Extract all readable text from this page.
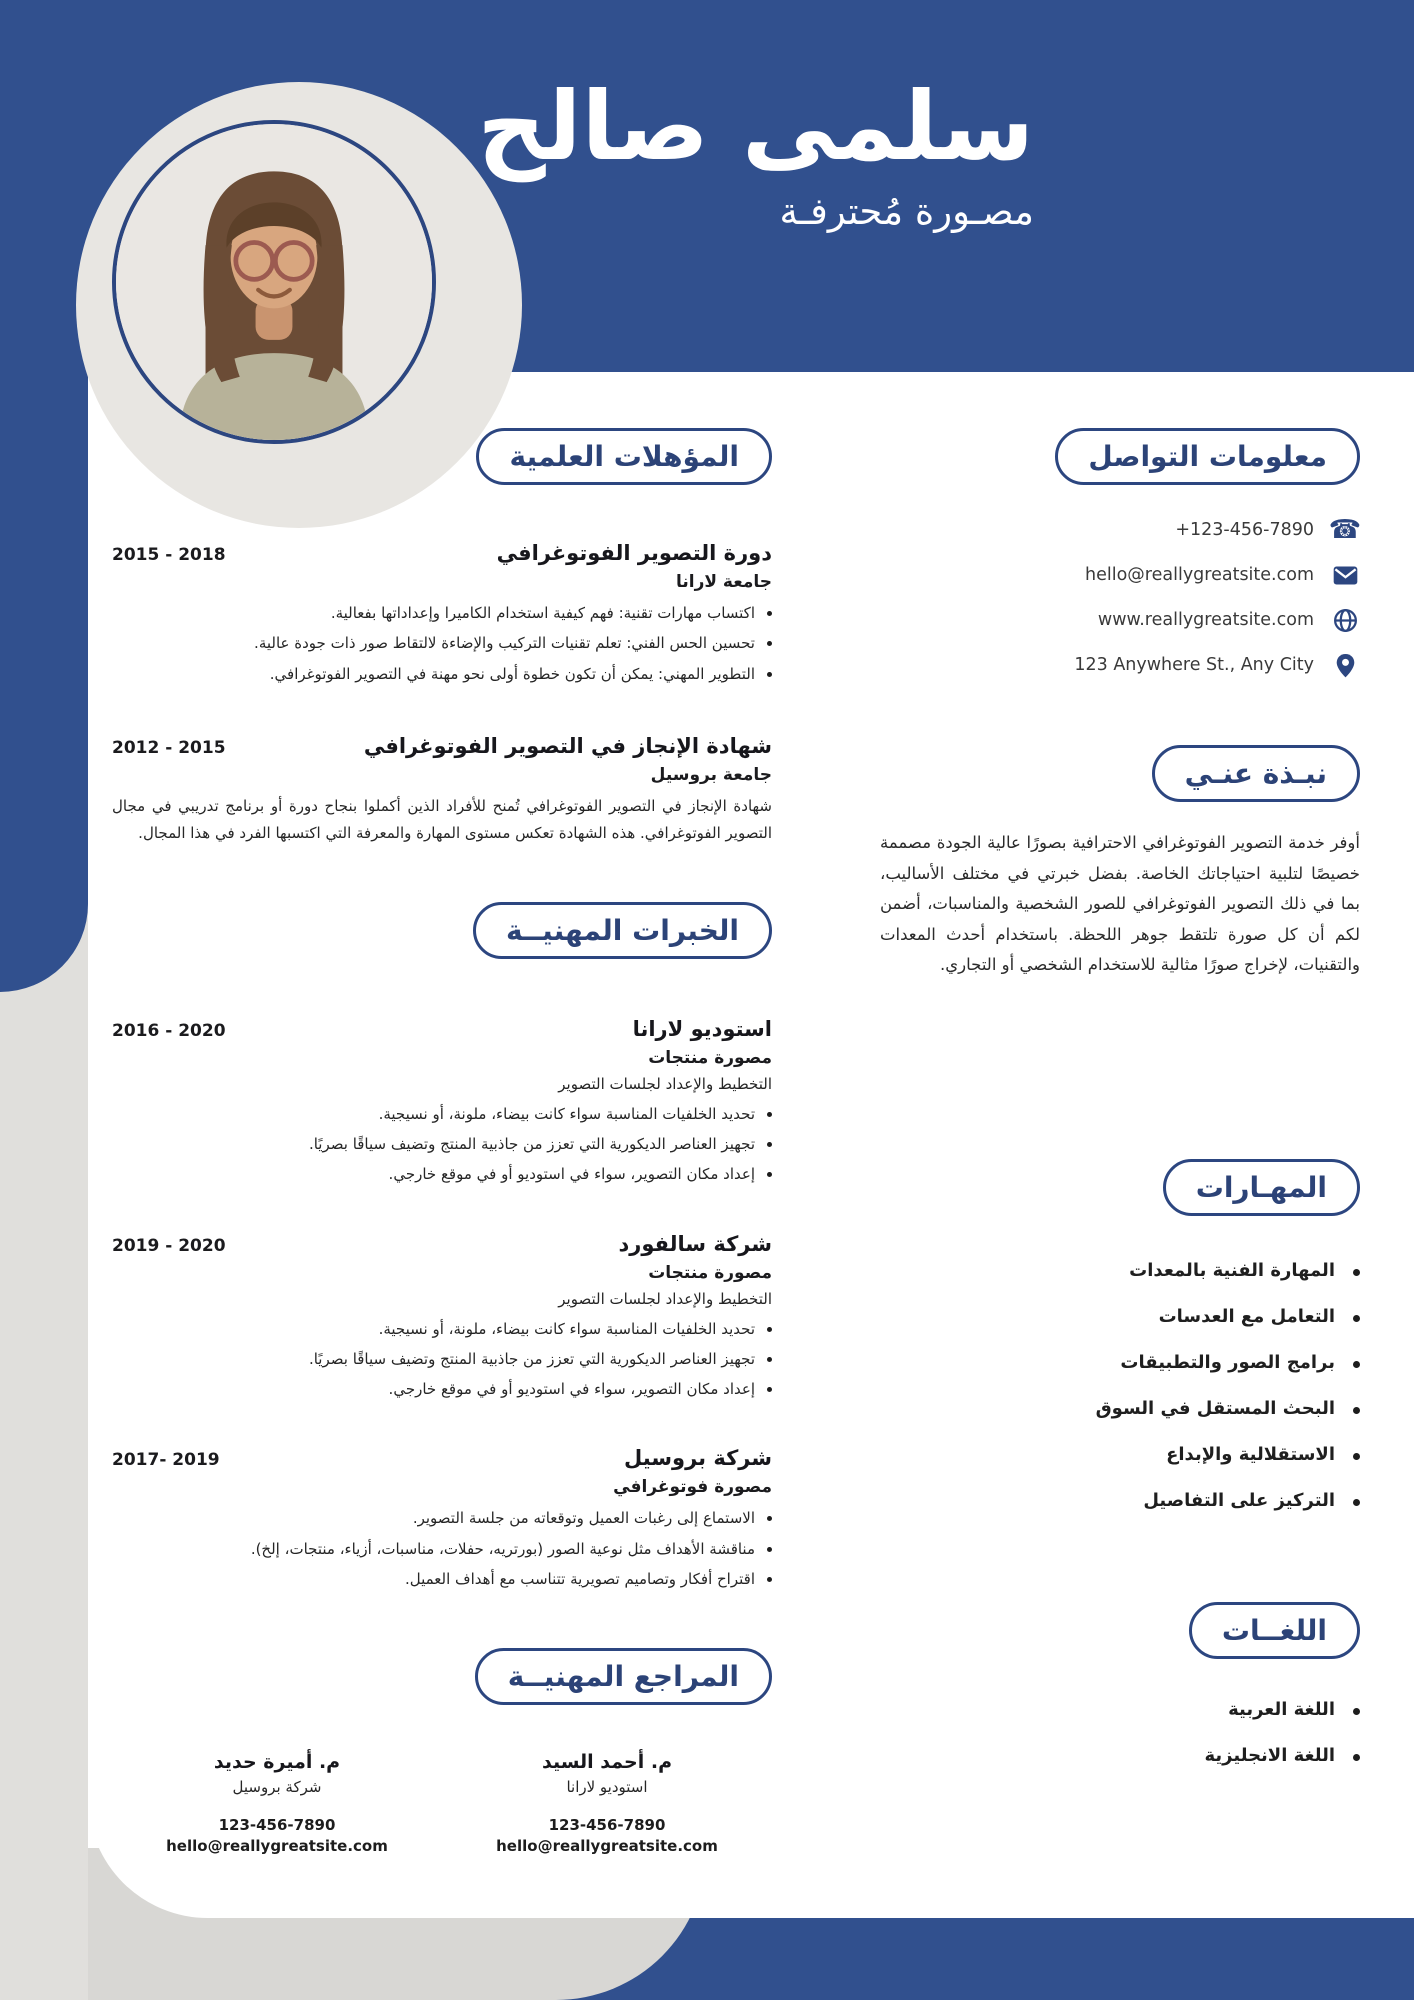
سلمى صالح
مصـورة مُحترفـة
المؤهلات العلمية
دورة التصوير الفوتوغرافي
2015 - 2018
جامعة لارانا
اكتساب مهارات تقنية: فهم كيفية استخدام الكاميرا وإعداداتها بفعالية.
تحسين الحس الفني: تعلم تقنيات التركيب والإضاءة لالتقاط صور ذات جودة عالية.
التطوير المهني: يمكن أن تكون خطوة أولى نحو مهنة في التصوير الفوتوغرافي.
شهادة الإنجاز في التصوير الفوتوغرافي
2012 - 2015
جامعة بروسيل
شهادة الإنجاز في التصوير الفوتوغرافي تُمنح للأفراد الذين أكملوا بنجاح دورة أو برنامج تدريبي في مجال التصوير الفوتوغرافي. هذه الشهادة تعكس مستوى المهارة والمعرفة التي اكتسبها الفرد في هذا المجال.
الخبرات المهنيــة
استوديو لارانا
2016 - 2020
مصورة منتجات
التخطيط والإعداد لجلسات التصوير
تحديد الخلفيات المناسبة سواء كانت بيضاء، ملونة، أو نسيجية.
تجهيز العناصر الديكورية التي تعزز من جاذبية المنتج وتضيف سياقًا بصريًا.
إعداد مكان التصوير، سواء في استوديو أو في موقع خارجي.
شركة سالفورد
2019 - 2020
مصورة منتجات
التخطيط والإعداد لجلسات التصوير
تحديد الخلفيات المناسبة سواء كانت بيضاء، ملونة، أو نسيجية.
تجهيز العناصر الديكورية التي تعزز من جاذبية المنتج وتضيف سياقًا بصريًا.
إعداد مكان التصوير، سواء في استوديو أو في موقع خارجي.
شركة بروسيل
2017- 2019
مصورة فوتوغرافي
الاستماع إلى رغبات العميل وتوقعاته من جلسة التصوير.
مناقشة الأهداف مثل نوعية الصور (بورتريه، حفلات، مناسبات، أزياء، منتجات، إلخ).
اقتراح أفكار وتصاميم تصويرية تتناسب مع أهداف العميل.
المراجع المهنيــة
م. أحمد السيد
استوديو لارانا
123-456-7890 hello@reallygreatsite.com
م. أميرة حديد
شركة بروسيل
123-456-7890 hello@reallygreatsite.com
معلومات التواصل
☎
+123-456-7890
hello@reallygreatsite.com
www.reallygreatsite.com
123 Anywhere St., Any City
نبـذة عنـي
أوفر خدمة التصوير الفوتوغرافي الاحترافية بصورًا عالية الجودة مصممة خصيصًا لتلبية احتياجاتك الخاصة. بفضل خبرتي في مختلف الأساليب، بما في ذلك التصوير الفوتوغرافي للصور الشخصية والمناسبات، أضمن لكم أن كل صورة تلتقط جوهر اللحظة. باستخدام أحدث المعدات والتقنيات، لإخراج صورًا مثالية للاستخدام الشخصي أو التجاري.
المهـارات
المهارة الفنية بالمعدات
التعامل مع العدسات
برامج الصور والتطبيقات
البحث المستقل في السوق
الاستقلالية والإبداع
التركيز على التفاصيل
اللغــات
اللغة العربية
اللغة الانجليزية
